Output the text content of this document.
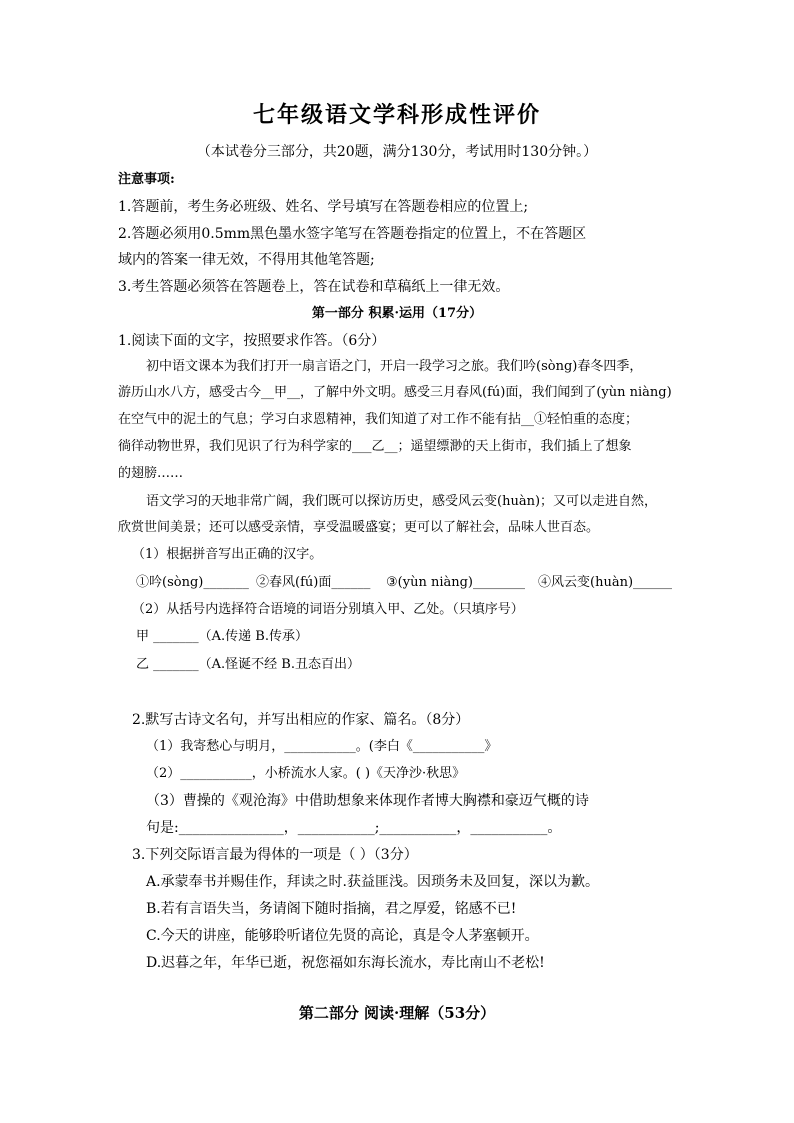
七年级语文学科形成性评价
（本试卷分三部分，共20题，满分130分，考试用时130分钟。）
注意事项:
1.答题前，考生务必班级、姓名、学号填写在答题卷相应的位置上;
2.答题必须用0.5mm黑色墨水签字笔写在答题卷指定的位置上，不在答题区
域内的答案一律无效，不得用其他笔答题;
3.考生答题必须答在答题卷上，答在试卷和草稿纸上一律无效。
第一部分 积累·运用（17分）
1.阅读下面的文字，按照要求作答。（6分）
初中语文课本为我们打开一扇言语之门，开启一段学习之旅。我们吟(sòng)春冬四季，
游历山水八方，感受古今__甲__，了解中外文明。感受三月春风(fú)面，我们闻到了(yùn niàng)
在空气中的泥土的气息；学习白求恩精神，我们知道了对工作不能有拈__①轻怕重的态度；
徜徉动物世界，我们见识了行为科学家的___乙__；遥望缥渺的天上街市，我们插上了想象
的翅膀……
语文学习的天地非常广阔，我们既可以探访历史，感受风云变(huàn)；又可以走进自然，
欣赏世间美景；还可以感受亲情，享受温暖盛宴；更可以了解社会，品味人世百态。
（1）根据拼音写出正确的汉字。
①吟(sòng)_______ ②春风(fú)面______ ③(yùn niàng)________ ④风云变(huàn)______
（2）从括号内选择符合语境的词语分别填入甲、乙处。（只填序号）
甲 _______（A.传递 B.传承）
乙 _______（A.怪诞不经 B.丑态百出）
2.默写古诗文名句，并写出相应的作家、篇名。（8分）
（1）我寄愁心与明月，___________。(李白《___________》
（2）___________，小桥流水人家。( )《天净沙·秋思》
（3）曹操的《观沧海》中借助想象来体现作者博大胸襟和豪迈气概的诗
句是:_______________，___________;___________，___________。
3.下列交际语言最为得体的一项是（ ）（3分）
A.承蒙奉书并赐佳作，拜读之时.获益匪浅。因琐务未及回复，深以为歉。
B.若有言语失当，务请阁下随时指摘，君之厚爱，铭感不已!
C.今天的讲座，能够聆听诸位先贤的高论，真是令人茅塞顿开。
D.迟暮之年，年华已逝，祝您福如东海长流水，寿比南山不老松!
第二部分 阅读·理解（53分）
